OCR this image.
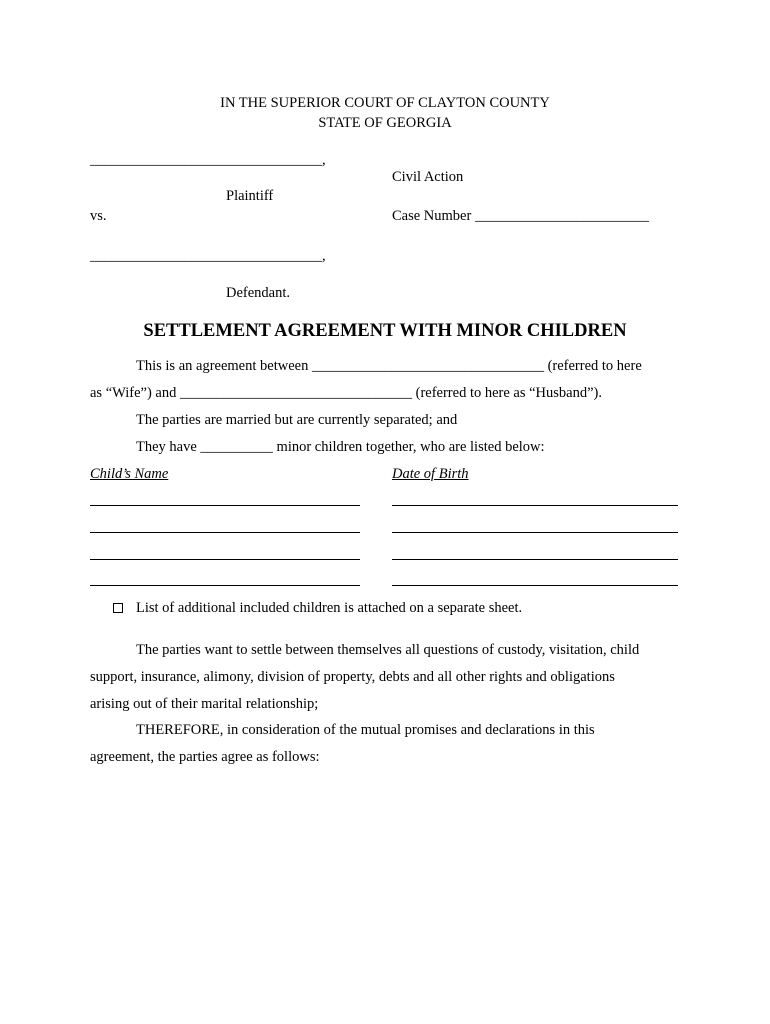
IN THE SUPERIOR COURT OF CLAYTON COUNTY
STATE OF GEORGIA
________________________________,
Civil Action
Plaintiff
vs.	Case Number ________________________
________________________________,
Defendant.
SETTLEMENT AGREEMENT WITH MINOR CHILDREN
This is an agreement between ________________________________ (referred to here
as “Wife”) and ________________________________ (referred to here as “Husband”).
The parties are married but are currently separated; and
They have __________ minor children together, who are listed below:
Child’s Name	Date of Birth
List of additional included children is attached on a separate sheet.
The parties want to settle between themselves all questions of custody, visitation, child
support, insurance, alimony, division of property, debts and all other rights and obligations
arising out of their marital relationship;
THEREFORE, in consideration of the mutual promises and declarations in this
agreement, the parties agree as follows:
